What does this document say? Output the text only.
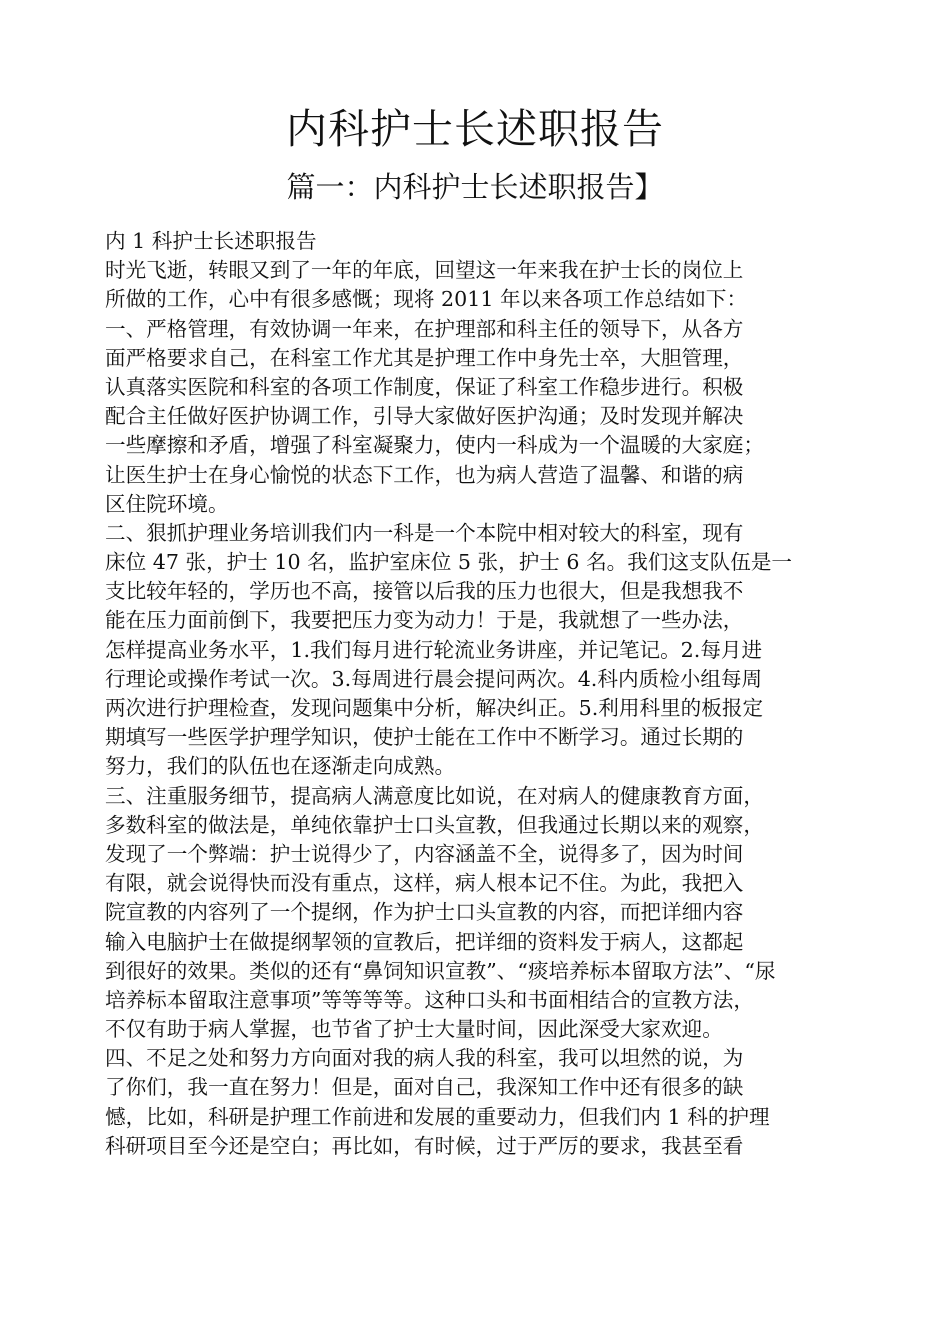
内科护士长述职报告
篇一：内科护士长述职报告】
内 1 科护士长述职报告
时光飞逝，转眼又到了一年的年底，回望这一年来我在护士长的岗位上
所做的工作，心中有很多感慨；现将 2011 年以来各项工作总结如下：
一、严格管理，有效协调一年来，在护理部和科主任的领导下，从各方
面严格要求自己，在科室工作尤其是护理工作中身先士卒，大胆管理，
认真落实医院和科室的各项工作制度，保证了科室工作稳步进行。积极
配合主任做好医护协调工作，引导大家做好医护沟通；及时发现并解决
一些摩擦和矛盾，增强了科室凝聚力，使内一科成为一个温暖的大家庭；
让医生护士在身心愉悦的状态下工作，也为病人营造了温馨、和谐的病
区住院环境。
二、狠抓护理业务培训我们内一科是一个本院中相对较大的科室，现有
床位 47 张，护士 10 名，监护室床位 5 张，护士 6 名。我们这支队伍是一
支比较年轻的，学历也不高，接管以后我的压力也很大，但是我想我不
能在压力面前倒下，我要把压力变为动力！于是，我就想了一些办法，
怎样提高业务水平，1.我们每月进行轮流业务讲座，并记笔记。2.每月进
行理论或操作考试一次。3.每周进行晨会提问两次。4.科内质检小组每周
两次进行护理检查，发现问题集中分析，解决纠正。5.利用科里的板报定
期填写一些医学护理学知识，使护士能在工作中不断学习。通过长期的
努力，我们的队伍也在逐渐走向成熟。
三、注重服务细节，提高病人满意度比如说，在对病人的健康教育方面，
多数科室的做法是，单纯依靠护士口头宣教，但我通过长期以来的观察，
发现了一个弊端：护士说得少了，内容涵盖不全，说得多了，因为时间
有限，就会说得快而没有重点，这样，病人根本记不住。为此，我把入
院宣教的内容列了一个提纲，作为护士口头宣教的内容，而把详细内容
输入电脑护士在做提纲挈领的宣教后，把详细的资料发于病人，这都起
到很好的效果。类似的还有“鼻饲知识宣教”、“痰培养标本留取方法”、“尿
培养标本留取注意事项”等等等等。这种口头和书面相结合的宣教方法，
不仅有助于病人掌握，也节省了护士大量时间，因此深受大家欢迎。
四、不足之处和努力方向面对我的病人我的科室，我可以坦然的说，为
了你们，我一直在努力！但是，面对自己，我深知工作中还有很多的缺
憾，比如，科研是护理工作前进和发展的重要动力，但我们内 1 科的护理
科研项目至今还是空白；再比如，有时候，过于严厉的要求，我甚至看
